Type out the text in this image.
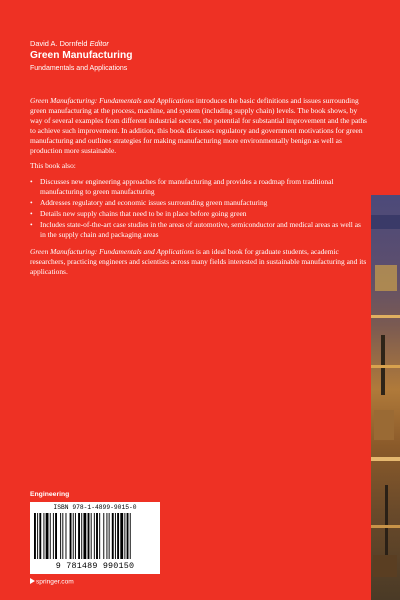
David A. Dornfeld Editor
Green Manufacturing
Fundamentals and Applications

Green Manufacturing: Fundamentals and Applications introduces the basic definitions and issues surrounding green manufacturing at the process, machine, and system (including supply chain) levels. The book shows, by way of several examples from different industrial sectors, the potential for substantial improvement and the paths to achieve such improvement. In addition, this book discusses regulatory and government motivations for green manufacturing and outlines strategies for making manufacturing more environmentally benign as well as production more sustainable.

This book also:

• Discusses new engineering approaches for manufacturing and provides a roadmap from traditional manufacturing to green manufacturing
• Addresses regulatory and economic issues surrounding green manufacturing
• Details new supply chains that need to be in place before going green
• Includes state-of-the-art case studies in the areas of automotive, semiconductor and medical areas as well as in the supply chain and packaging areas

Green Manufacturing: Fundamentals and Applications is an ideal book for graduate students, academic researchers, practicing engineers and scientists across many fields interested in sustainable manufacturing and its applications.

Engineering
ISBN 978-1-4899-9015-0
9 781489 990150
springer.com
